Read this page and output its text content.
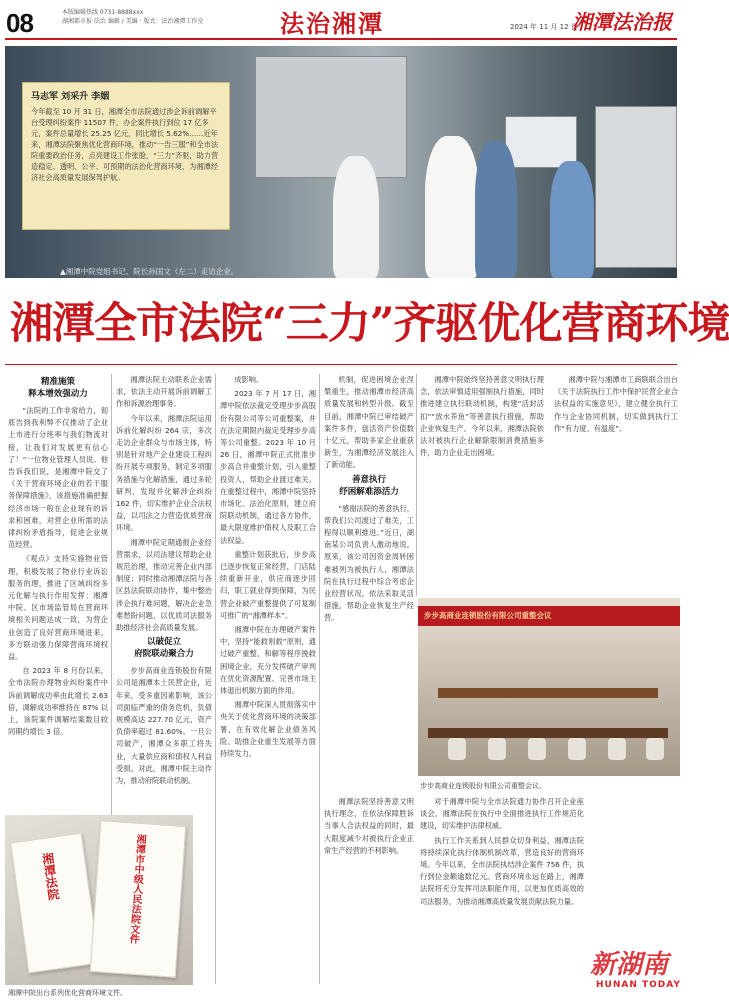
08	本版编辑热线 0731-8888xxx
湖湘都市报·法治 编辑 / 美编 · 版式：法治湘潭工作室	法治湘潭	2024 年 11 月 12 日
湘潭法治报
马志军 刘采升 李姻
今年截至 10 月 31 日，湘潭全市法院通过涉企诉前调解平台受理纠纷案件 11507 件，办企案件执行到位 17 亿多元，案件总量增长 25.25 亿元，同比增长 5.62%……近年来，湘潭法院聚焦优化营商环境，推动“一告三服”和全市法院重要政治任务，点亮建设工作张脸，“三力”齐驱，助力营造稳定、透明、公平、可预期的法治化营商环境，为湘潭经济社会高质量发展保驾护航。
▲湘潭中院党组书记、院长孙国文（左二）走访企业。
湘潭全市法院“三力”齐驱优化营商环境
精准施策
释本增效强动力

“法院的工作非常给力，彻底告到我利弊不仅推动了企业上市进行分班率与我们物流对接，让我们对发展更有信心了！”一位物业管理人员说。他告诉我们说，是湘潭中院交了《关于营商环境企业的若干服务保障措施》，该措施准确把握经济市场一般在企业现有的诉求和困难，对营企业所需的法律纠纷矛盾指导，促进企业规范经营。

《观点》支持实施物业管理，积极发展了物业行业诉讼服务的理，推进了区域纠纷多元化解与执行作用发挥；湘潭中院、区市场监管局在营商环境相关问题达成一致，为营企业创造了良好营商环境进来，多方联动强力保障营商环境权益。

自 2023 年 8 月份以来，全市法院办理物业纠纷案件中诉前调解成功率由此增长 2.63 倍，调解成功率维持在 87% 以上，该院案件调解结案数目较同期约增长 3 倍。

湘潭法院主动联系企业需求，依法主动开展诉前调解工作和诉源治理事务。

今年以来，湘潭法院运用诉前化解纠纷 264 宗，多次走访企业群众与市场主体，特别是针对地产企业建设工程纠纷开展专项服务，制定多项服务措施与化解措施，通过多轮研判，发现并化解涉企纠纷 162 件，切实维护企业合法权益，以司法之力营造优质营商环境。

湘潭中院定期通报企业经营需求，以司法建议帮助企业规范治理，推动完善企业内部制度；同时推动湘潭法院与各区县法院联动协作，集中整治涉企执行难问题，解决企业急难愁盼问题，以优质司法服务助推经济社会高质量发展。

以破促立
府院联动聚合力

步步高商业连锁股份有限公司是湘潭本土民营企业，近年来，受多重因素影响，该公司面临严重的债务危机，负债规模高达 227.70 亿元，资产负债率超过 81.60%。一旦公司破产，湘潭众多职工将失业，大量供应商和债权人利益受损。对此，湘潭中院主动作为，推动府院联动机制。

成影响。

2023 年 7 月 17 日，湘潭中院依法裁定受理步步高股份有限公司等公司重整案，并在法定期限内裁定受理步步高等公司重整。2023 年 10 月 26 日，湘潭中院正式批准步步高合并重整计划，引入重整投资人，帮助企业渡过难关。在重整过程中，湘潭中院坚持市场化、法治化原则，建立府院联动机制，通过各方协作，最大限度维护债权人及职工合法权益。

重整计划获批后，步步高已逐步恢复正常经营，门店陆续重新开业，供应商逐步回归，职工就业得到保障，为民营企业破产重整提供了可复制可推广的“湘潭样本”。

湘潭中院在办理破产案件中，坚持“能救则救”原则，通过破产重整、和解等程序挽救困境企业，充分发挥破产审判在优化资源配置、完善市场主体退出机制方面的作用。

湘潭中院深入贯彻落实中央关于优化营商环境的决策部署，在有效化解企业债务风险、助推企业重生发展等方面持续发力。

机制，促进困境企业涅槃重生，推动湘潭市经济高质量发展和转型升级。截至目前，湘潭中院已审结破产案件多件，盘活资产价值数十亿元，帮助多家企业重获新生，为湘潭经济发展注入了新动能。

善意执行
纾困解难添活力

“感谢法院的善意执行，帮我们公司渡过了难关，工程得以顺利推进。”近日，湖南某公司负责人激动地说。原来，该公司因资金周转困难被列为被执行人，湘潭法院在执行过程中综合考虑企业经营状况，依法采取灵活措施，帮助企业恢复生产经营。

湘潭中院始终坚持善意文明执行理念，依法审慎适用强制执行措施，同时推进建立执行联动机制，构建“活封活扣”“放水养鱼”等善意执行措施，帮助企业恢复生产。今年以来，湘潭法院依法对被执行企业解除限制消费措施多件，助力企业走出困境。

湘潭中院与湘潭市工商联联合出台《关于法院执行工作中保护民营企业合法权益的实施意见》，建立健全执行工作与企业协同机制，切实做到执行工作“有力度、有温度”。

步步高商业连锁股份有限公司重整会议
步步高商业连锁股份有限公司重整会议。

湘潭法院坚持善意文明执行理念，在依法保障胜诉当事人合法权益的同时，最大限度减少对被执行企业正常生产经营的不利影响。

对于湘潭中院与全市法院通力协作召开企业座谈会，湘潭法院在执行中全面推进执行工作规范化建设，切实维护法律权威。

执行工作关系到人民群众切身利益，湘潭法院将持续深化执行体制机制改革，营造良好的营商环境。今年以来，全市法院执结涉企案件 756 件，执行到位金额逾数亿元。营商环境永远在路上，湘潭法院将充分发挥司法职能作用，以更加优质高效的司法服务，为推动湘潭高质量发展贡献法院力量。

湘潭法院	湘潭市中级人民法院文件
湘潭中院出台系列优化营商环境文件。
新湖南
HUNAN TODAY
